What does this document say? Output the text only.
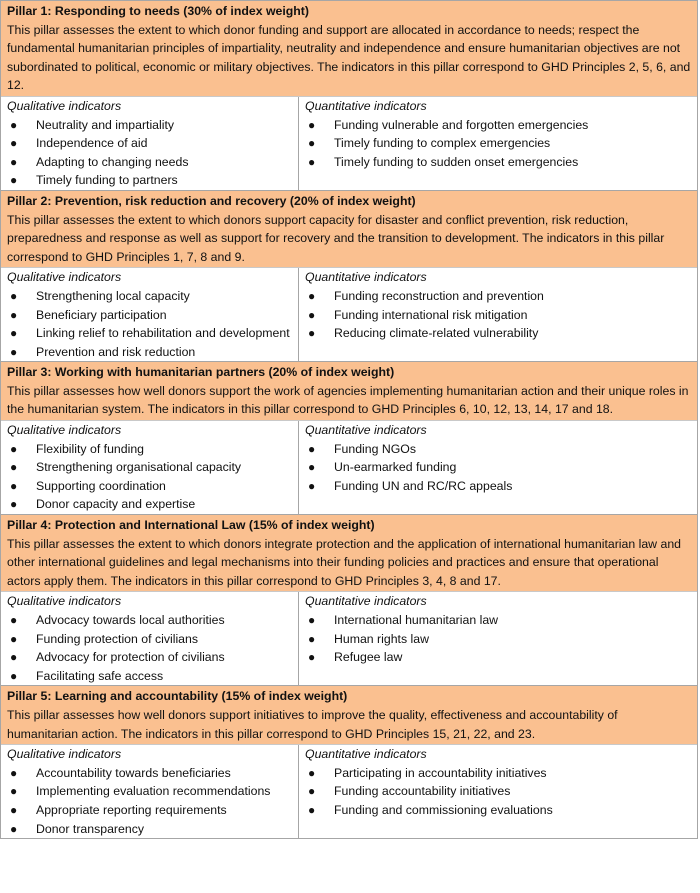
Pillar 1: Responding to needs (30% of index weight)
This pillar assesses the extent to which donor funding and support are allocated in accordance to needs; respect the fundamental humanitarian principles of impartiality, neutrality and independence and ensure humanitarian objectives are not subordinated to political, economic or military objectives. The indicators in this pillar correspond to GHD Principles 2, 5, 6, and 12.
Qualitative indicators
● Neutrality and impartiality
● Independence of aid
● Adapting to changing needs
● Timely funding to partners
Quantitative indicators
● Funding vulnerable and forgotten emergencies
● Timely funding to complex emergencies
● Timely funding to sudden onset emergencies
Pillar 2: Prevention, risk reduction and recovery (20% of index weight)
This pillar assesses the extent to which donors support capacity for disaster and conflict prevention, risk reduction, preparedness and response as well as support for recovery and the transition to development. The indicators in this pillar correspond to GHD Principles 1, 7, 8 and 9.
Qualitative indicators
● Strengthening local capacity
● Beneficiary participation
● Linking relief to rehabilitation and development
● Prevention and risk reduction
Quantitative indicators
● Funding reconstruction and prevention
● Funding international risk mitigation
● Reducing climate-related vulnerability
Pillar 3: Working with humanitarian partners (20% of index weight)
This pillar assesses how well donors support the work of agencies implementing humanitarian action and their unique roles in the humanitarian system. The indicators in this pillar correspond to GHD Principles 6, 10, 12, 13, 14, 17 and 18.
Qualitative indicators
● Flexibility of funding
● Strengthening organisational capacity
● Supporting coordination
● Donor capacity and expertise
Quantitative indicators
● Funding NGOs
● Un-earmarked funding
● Funding UN and RC/RC appeals
Pillar 4: Protection and International Law (15% of index weight)
This pillar assesses the extent to which donors integrate protection and the application of international humanitarian law and other international guidelines and legal mechanisms into their funding policies and practices and ensure that operational actors apply them. The indicators in this pillar correspond to GHD Principles 3, 4, 8 and 17.
Qualitative indicators
● Advocacy towards local authorities
● Funding protection of civilians
● Advocacy for protection of civilians
● Facilitating safe access
Quantitative indicators
● International humanitarian law
● Human rights law
● Refugee law
Pillar 5: Learning and accountability (15% of index weight)
This pillar assesses how well donors support initiatives to improve the quality, effectiveness and accountability of humanitarian action. The indicators in this pillar correspond to GHD Principles 15, 21, 22, and 23.
Qualitative indicators
● Accountability towards beneficiaries
● Implementing evaluation recommendations
● Appropriate reporting requirements
● Donor transparency
Quantitative indicators
● Participating in accountability initiatives
● Funding accountability initiatives
● Funding and commissioning evaluations
